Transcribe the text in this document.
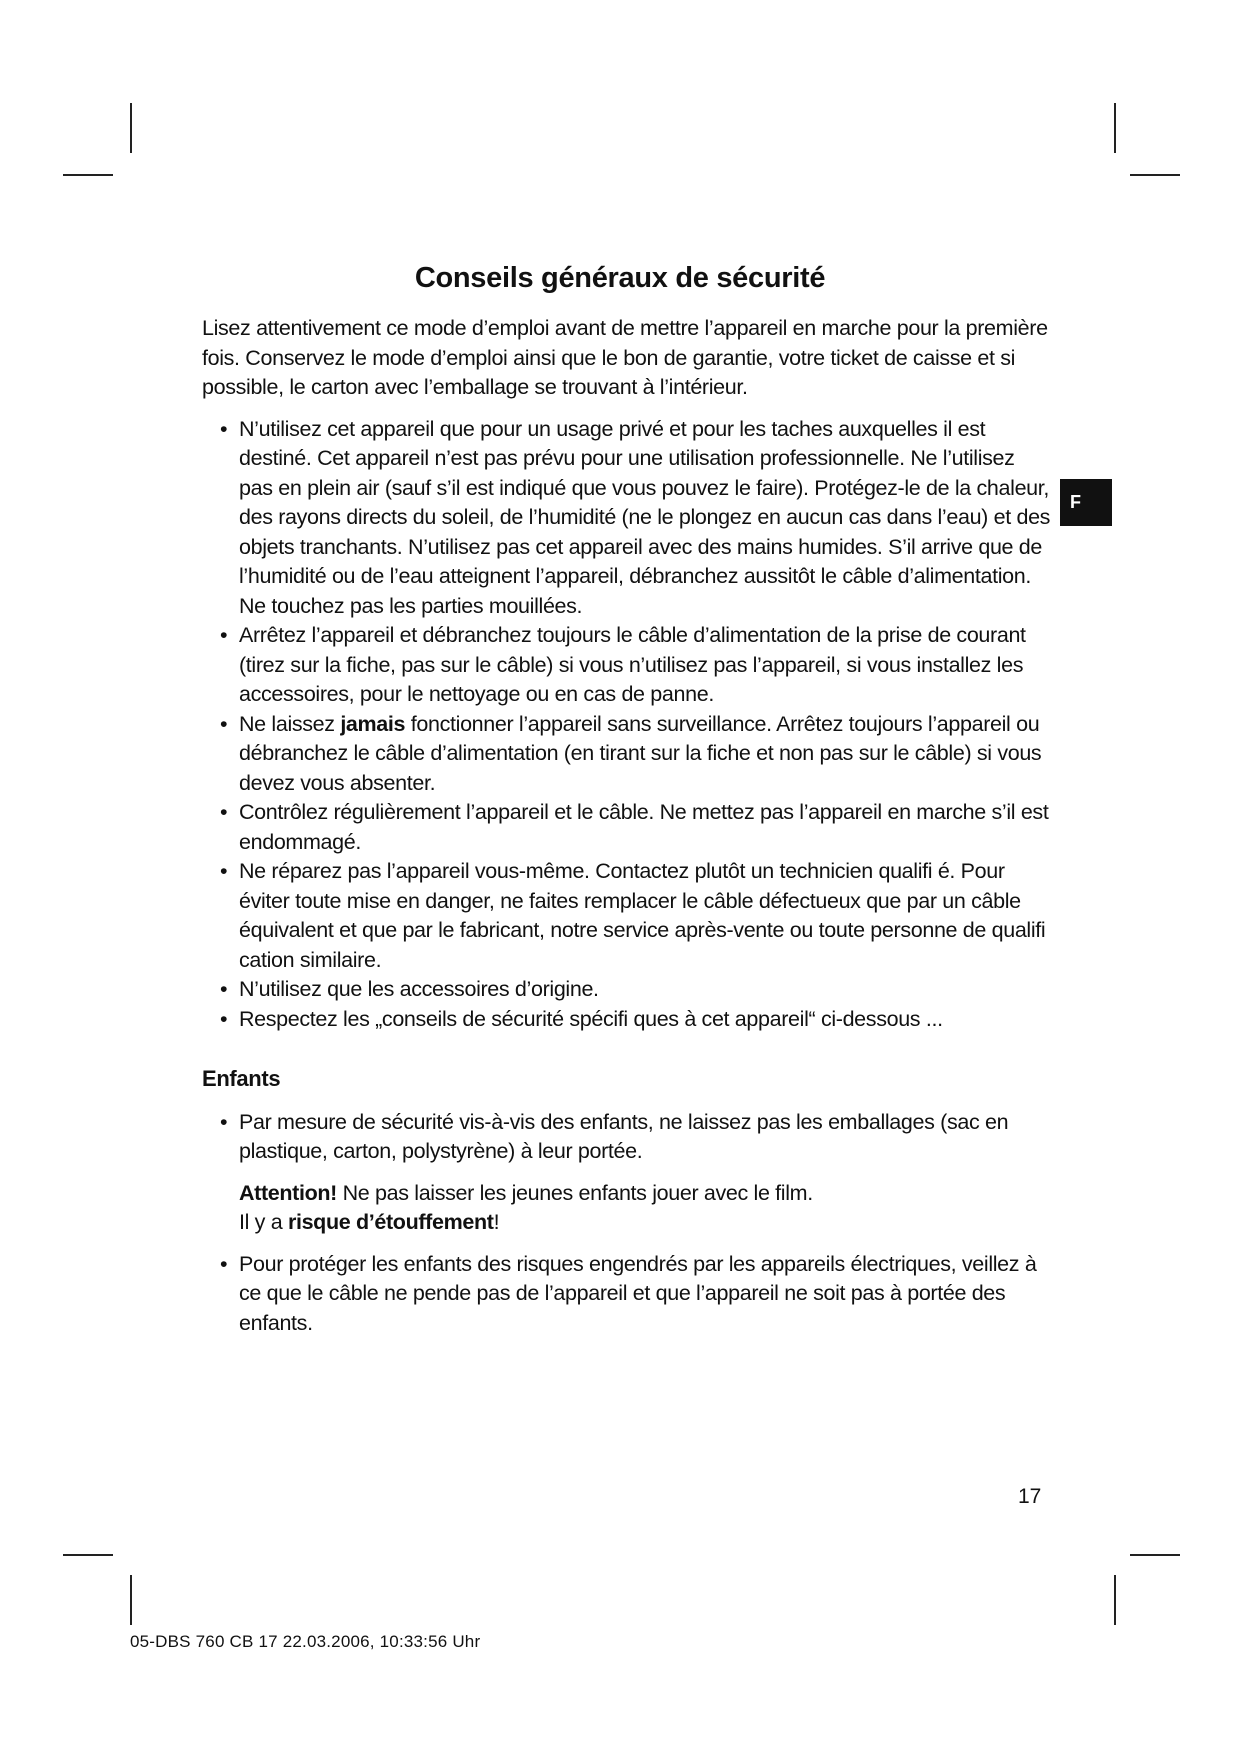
Conseils généraux de sécurité

Lisez attentivement ce mode d’emploi avant de mettre l’appareil en marche pour la première fois. Conservez le mode d’emploi ainsi que le bon de garantie, votre ticket de caisse et si possible, le carton avec l’emballage se trouvant à l’intérieur.

• N’utilisez cet appareil que pour un usage privé et pour les taches auxquelles il est destiné. Cet appareil n’est pas prévu pour une utilisation professionnelle. Ne l’utilisez pas en plein air (sauf s’il est indiqué que vous pouvez le faire). Protégez-le de la chaleur, des rayons directs du soleil, de l’humidité (ne le plongez en aucun cas dans l’eau) et des objets tranchants. N’utilisez pas cet appareil avec des mains humides. S’il arrive que de l’humidité ou de l’eau atteignent l’appareil, débranchez aussitôt le câble d’alimentation. Ne touchez pas les parties mouillées.
• Arrêtez l’appareil et débranchez toujours le câble d’alimentation de la prise de courant (tirez sur la fiche, pas sur le câble) si vous n’utilisez pas l’appareil, si vous installez les accessoires, pour le nettoyage ou en cas de panne.
• Ne laissez jamais fonctionner l’appareil sans surveillance. Arrêtez toujours l’appareil ou débranchez le câble d’alimentation (en tirant sur la fiche et non pas sur le câble) si vous devez vous absenter.
• Contrôlez régulièrement l’appareil et le câble. Ne mettez pas l’appareil en marche s’il est endommagé.
• Ne réparez pas l’appareil vous-même. Contactez plutôt un technicien qualifi é. Pour éviter toute mise en danger, ne faites remplacer le câble défectueux que par un câble équivalent et que par le fabricant, notre service après-vente ou toute personne de qualifi cation similaire.
• N’utilisez que les accessoires d’origine.
• Respectez les „conseils de sécurité spécifi ques à cet appareil“ ci-dessous ...
Enfants
• Par mesure de sécurité vis-à-vis des enfants, ne laissez pas les emballages (sac en plastique, carton, polystyrène) à leur portée.
Attention! Ne pas laisser les jeunes enfants jouer avec le film.
Il y a risque d’étouffement!
• Pour protéger les enfants des risques engendrés par les appareils électriques, veillez à ce que le câble ne pende pas de l’appareil et que l’appareil ne soit pas à portée des enfants.
F
17
05-DBS 760 CB 17 22.03.2006, 10:33:56 Uhr
